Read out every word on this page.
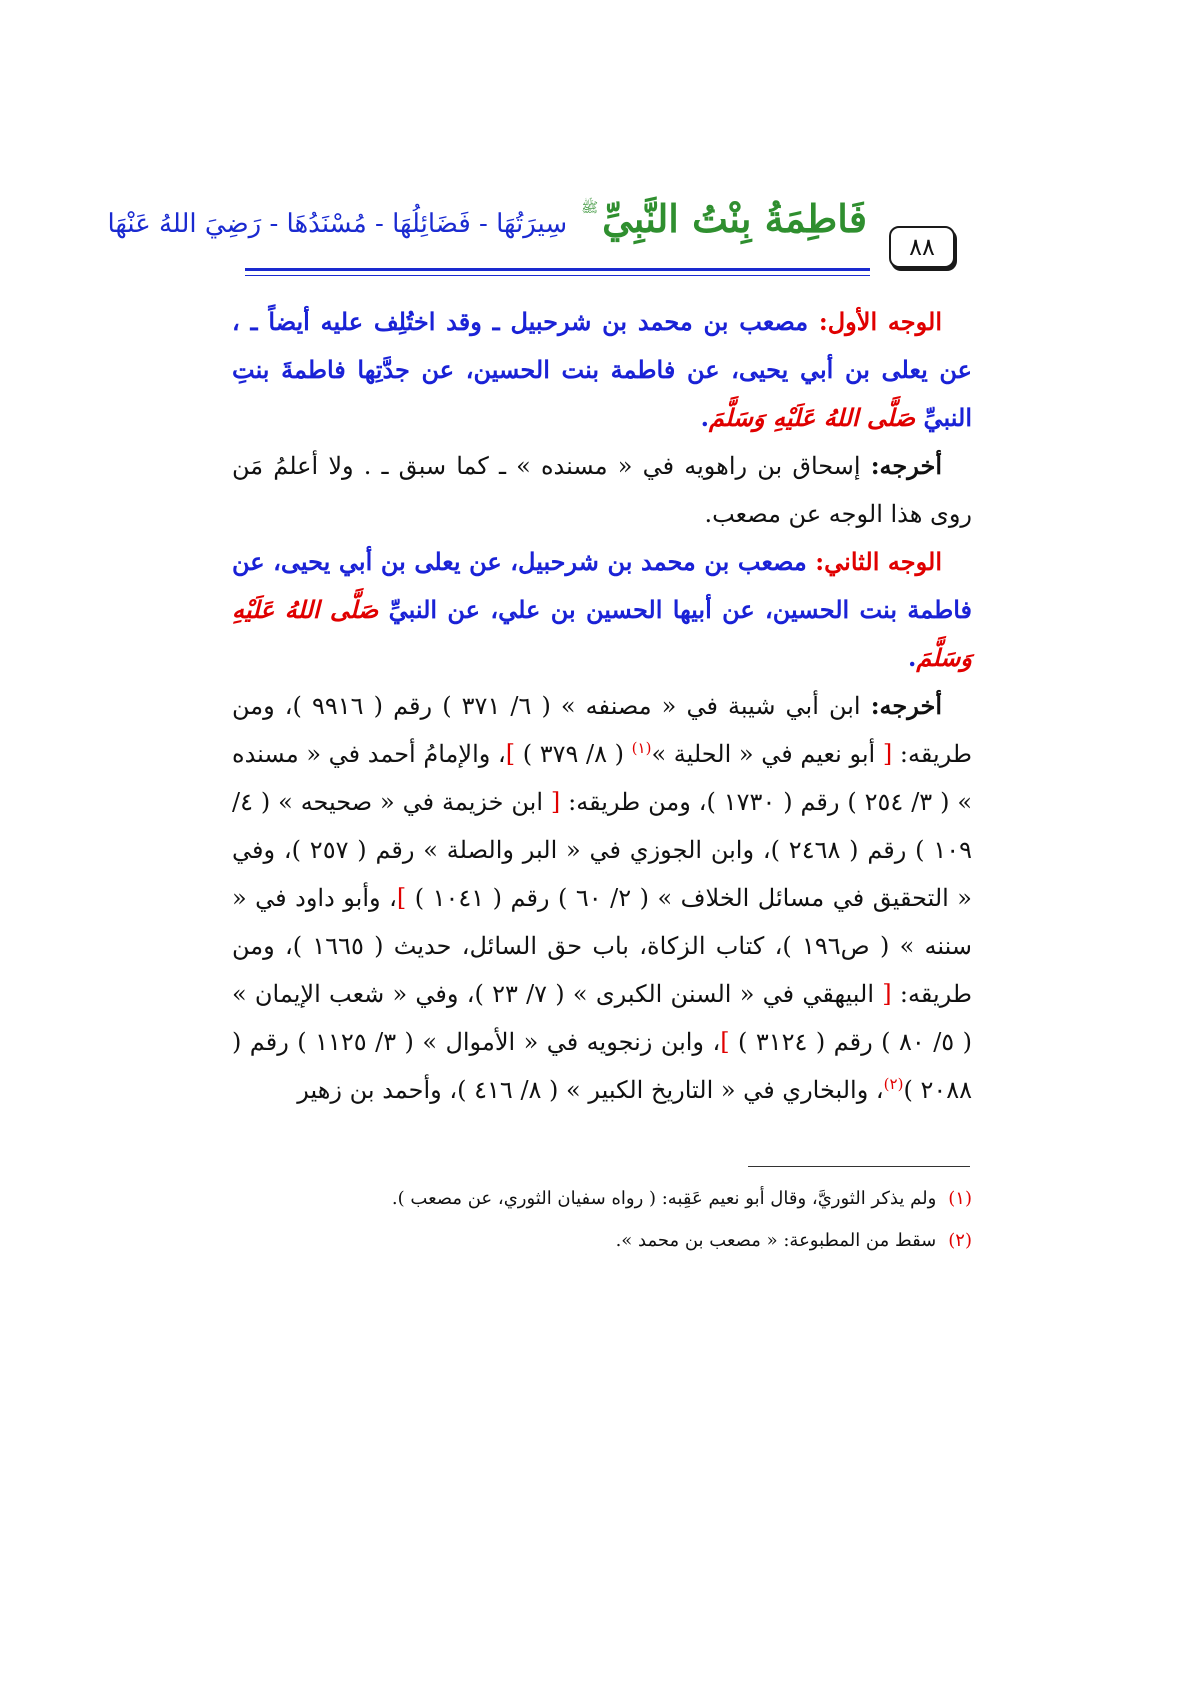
٨٨
فَاطِمَةُ بِنْتُ النَّبِيِّ
ﷺ
سِيرَتُهَا - فَضَائِلُهَا - مُسْنَدُهَا - رَضِيَ اللهُ عَنْهَا

الوجه الأول: مصعب بن محمد بن شرحبيل ـ وقد اختُلِف عليه أيضاً ـ ، عن يعلى بن أبي يحيى، عن فاطمة بنت الحسين، عن جدَّتِها فاطمةَ بنتِ النبيِّ صَلَّى اللهُ عَلَيْهِ وَسَلَّمَ.

أخرجه: إسحاق بن راهويه في « مسنده » ـ كما سبق ـ . ولا أعلمُ مَن روى هذا الوجه عن مصعب.

الوجه الثاني: مصعب بن محمد بن شرحبيل، عن يعلى بن أبي يحيى، عن فاطمة بنت الحسين، عن أبيها الحسين بن علي، عن النبيِّ صَلَّى اللهُ عَلَيْهِ وَسَلَّمَ.

أخرجه: ابن أبي شيبة في « مصنفه » ( ٦/ ٣٧١ ) رقم ( ٩٩١٦ )، ومن طريقه: [ أبو نعيم في « الحلية »$^{(١)}$ ( ٨/ ٣٧٩ ) ]، والإمامُ أحمد في « مسنده » ( ٣/ ٢٥٤ ) رقم ( ١٧٣٠ )، ومن طريقه: [ ابن خزيمة في « صحيحه » ( ٤/ ١٠٩ ) رقم ( ٢٤٦٨ )، وابن الجوزي في « البر والصلة » رقم ( ٢٥٧ )، وفي « التحقيق في مسائل الخلاف » ( ٢/ ٦٠ ) رقم ( ١٠٤١ ) ]، وأبو داود في « سننه » ( ص١٩٦ )، كتاب الزكاة، باب حق السائل، حديث ( ١٦٦٥ )، ومن طريقه: [ البيهقي في « السنن الكبرى » ( ٧/ ٢٣ )، وفي « شعب الإيمان » ( ٥/ ٨٠ ) رقم ( ٣١٢٤ ) ]، وابن زنجويه في « الأموال » ( ٣/ ١١٢٥ ) رقم ( ٢٠٨٨ )$^{(٢)}$، والبخاري في « التاريخ الكبير » ( ٨/ ٤١٦ )، وأحمد بن زهير

(١)ولم يذكر الثوريَّ، وقال أبو نعيم عَقِبه: ( رواه سفيان الثوري، عن مصعب ).
(٢)سقط من المطبوعة: « مصعب بن محمد ».
